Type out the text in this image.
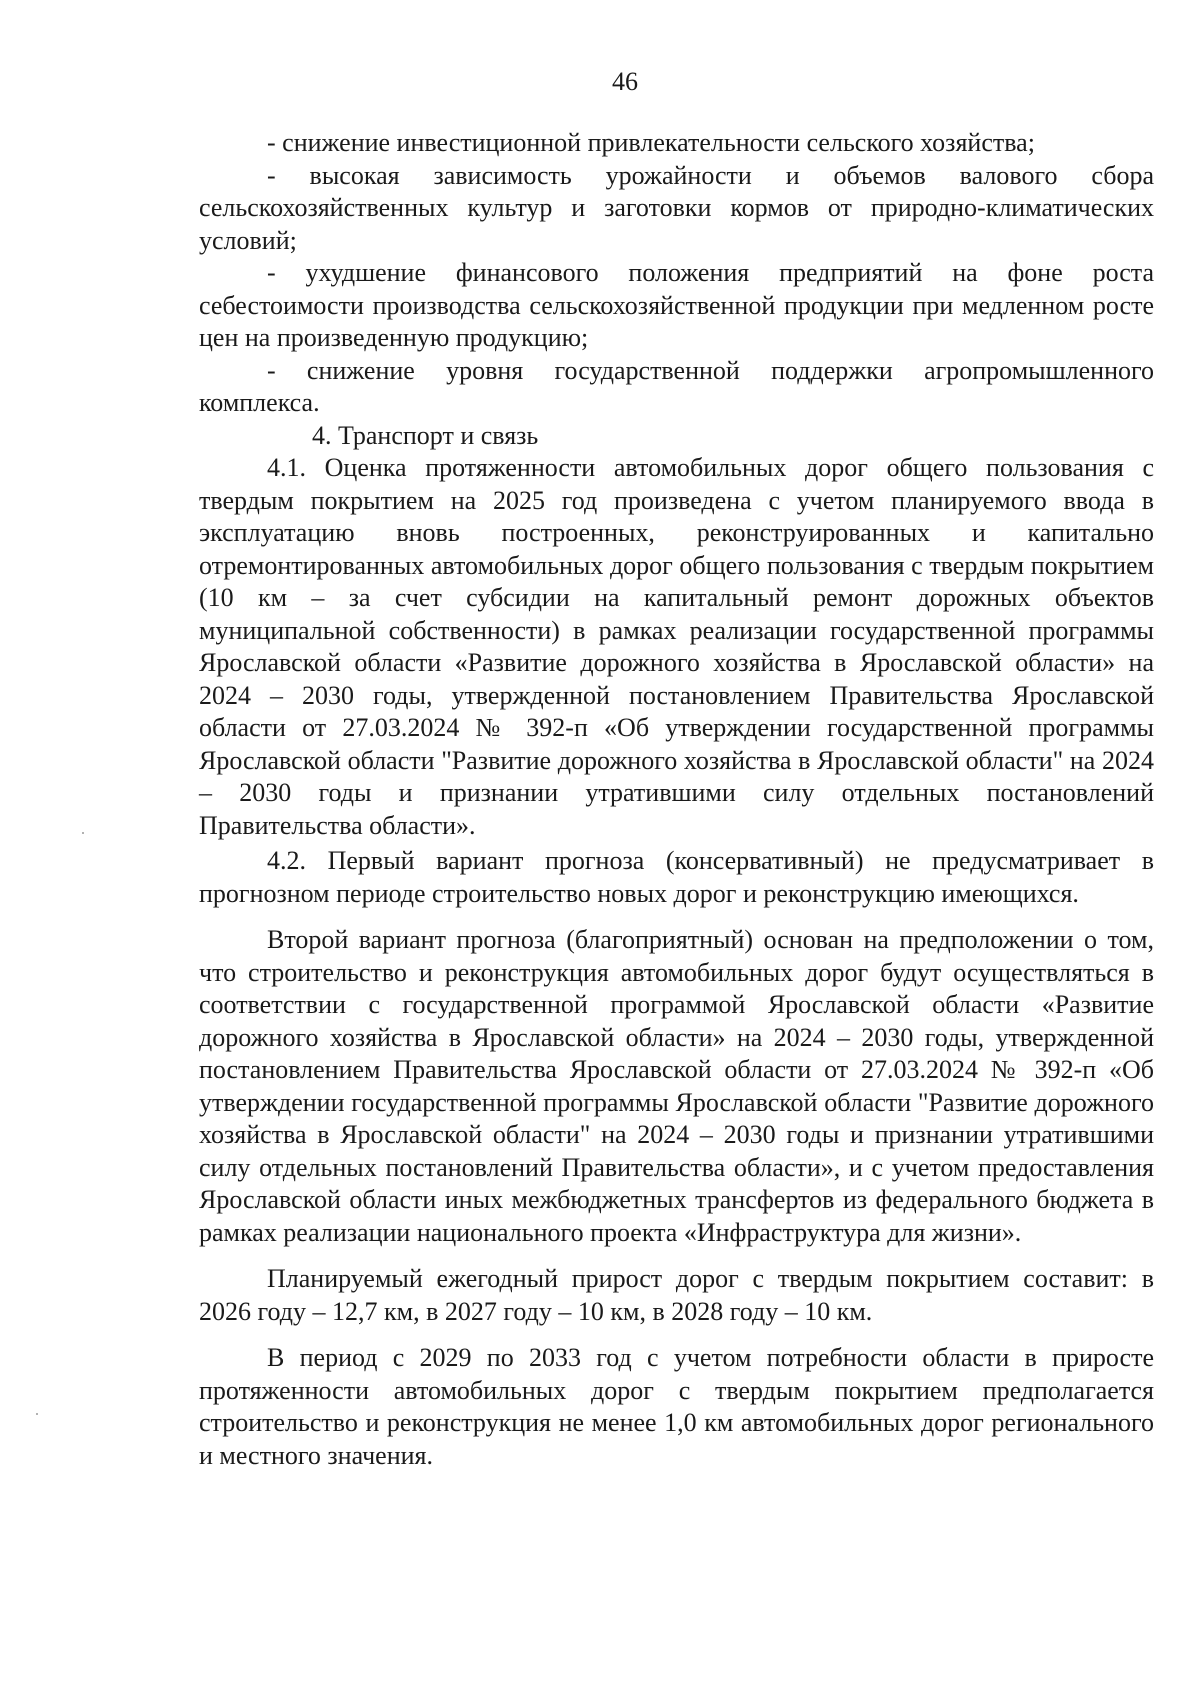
46

- снижение инвестиционной привлекательности сельского хозяйства;

- высокая зависимость урожайности и объемов валового сбора сельскохозяйственных культур и заготовки кормов от природно-климатических условий;

- ухудшение финансового положения предприятий на фоне роста себестоимости производства сельскохозяйственной продукции при медленном росте цен на произведенную продукцию;

- снижение уровня государственной поддержки агропромышленного комплекса.

4. Транспорт и связь

4.1. Оценка протяженности автомобильных дорог общего пользования с твердым покрытием на 2025 год произведена с учетом планируемого ввода в эксплуатацию вновь построенных, реконструированных и капитально отремонтированных автомобильных дорог общего пользования с твердым покрытием (10 км – за счет субсидии на капитальный ремонт дорожных объектов муниципальной собственности) в рамках реализации государственной программы Ярославской области «Развитие дорожного хозяйства в Ярославской области» на 2024 – 2030 годы, утвержденной постановлением Правительства Ярославской области от 27.03.2024 № 392-п «Об утверждении государственной программы Ярославской области "Развитие дорожного хозяйства в Ярославской области" на 2024 – 2030 годы и признании утратившими силу отдельных постановлений Правительства области».

4.2. Первый вариант прогноза (консервативный) не предусматривает в прогнозном периоде строительство новых дорог и реконструкцию имеющихся.

Второй вариант прогноза (благоприятный) основан на предположении о том, что строительство и реконструкция автомобильных дорог будут осуществляться в соответствии с государственной программой Ярославской области «Развитие дорожного хозяйства в Ярославской области» на 2024 – 2030 годы, утвержденной постановлением Правительства Ярославской области от 27.03.2024 № 392-п «Об утверждении государственной программы Ярославской области "Развитие дорожного хозяйства в Ярославской области" на 2024 – 2030 годы и признании утратившими силу отдельных постановлений Правительства области», и с учетом предоставления Ярославской области иных межбюджетных трансфертов из федерального бюджета в рамках реализации национального проекта «Инфраструктура для жизни».

Планируемый ежегодный прирост дорог с твердым покрытием составит: в 2026 году – 12,7 км, в 2027 году – 10 км, в 2028 году – 10 км.

В период с 2029 по 2033 год с учетом потребности области в приросте протяженности автомобильных дорог с твердым покрытием предполагается строительство и реконструкция не менее 1,0 км автомобильных дорог регионального и местного значения.
